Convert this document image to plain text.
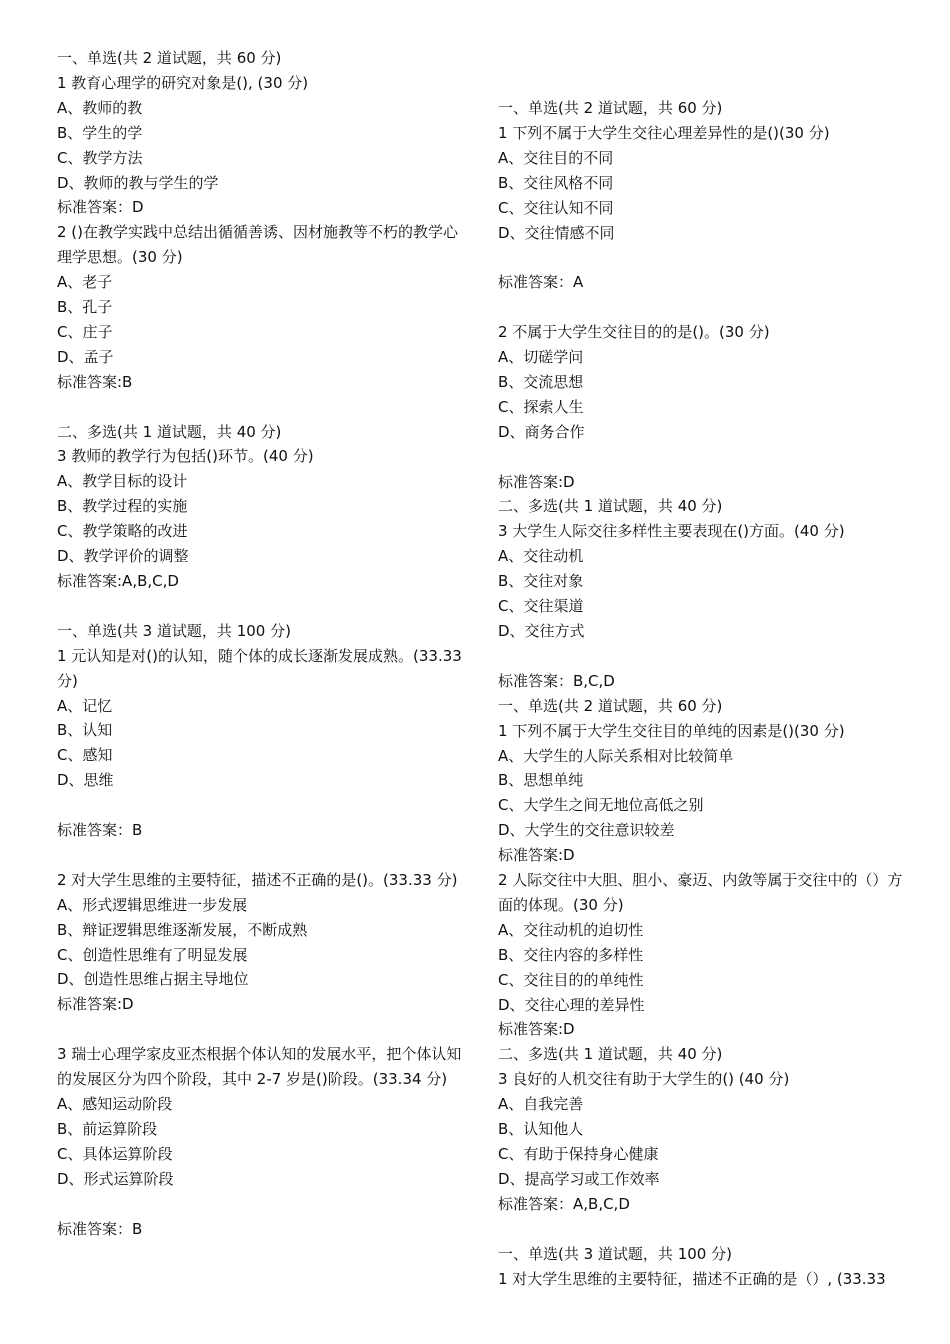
一、单选(共 2 道试题，共 60 分)
1 教育心理学的研究对象是(), (30 分)
A、教师的教
B、学生的学
C、教学方法
D、教师的教与学生的学
标准答案：D
2 ()在教学实践中总结出循循善诱、因材施教等不朽的教学心理学思想。(30 分)
A、老子
B、孔子
C、庄子
D、孟子
标准答案:B
二、多选(共 1 道试题，共 40 分)
3 教师的教学行为包括()环节。(40 分)
A、教学目标的设计
B、教学过程的实施
C、教学策略的改进
D、教学评价的调整
标准答案:A,B,C,D
一、单选(共 3 道试题，共 100 分)
1 元认知是对()的认知，随个体的成长逐渐发展成熟。(33.33 分)
A、记忆
B、认知
C、感知
D、思维
标准答案：B
2 对大学生思维的主要特征，描述不正确的是()。(33.33 分)
A、形式逻辑思维进一步发展
B、辩证逻辑思维逐渐发展，不断成熟
C、创造性思维有了明显发展
D、创造性思维占据主导地位
标准答案:D
3 瑞士心理学家皮亚杰根据个体认知的发展水平，把个体认知的发展区分为四个阶段，其中 2-7 岁是()阶段。(33.34 分)
A、感知运动阶段
B、前运算阶段
C、具体运算阶段
D、形式运算阶段
标准答案：B
一、单选(共 2 道试题，共 60 分)
1 下列不属于大学生交往心理差异性的是()(30 分)
A、交往目的不同
B、交往风格不同
C、交往认知不同
D、交往情感不同
标准答案：A
2 不属于大学生交往目的的是()。(30 分)
A、切磋学问
B、交流思想
C、探索人生
D、商务合作
标准答案:D
二、多选(共 1 道试题，共 40 分)
3 大学生人际交往多样性主要表现在()方面。(40 分)
A、交往动机
B、交往对象
C、交往渠道
D、交往方式
标准答案：B,C,D
一、单选(共 2 道试题，共 60 分)
1 下列不属于大学生交往目的单纯的因素是()(30 分)
A、大学生的人际关系相对比较简单
B、思想单纯
C、大学生之间无地位高低之别
D、大学生的交往意识较差
标准答案:D
2 人际交往中大胆、胆小、豪迈、内敛等属于交往中的（）方面的体现。(30 分)
A、交往动机的迫切性
B、交往内容的多样性
C、交往目的的单纯性
D、交往心理的差异性
标准答案:D
二、多选(共 1 道试题，共 40 分)
3 良好的人机交往有助于大学生的() (40 分)
A、自我完善
B、认知他人
C、有助于保持身心健康
D、提高学习或工作效率
标准答案：A,B,C,D
一、单选(共 3 道试题，共 100 分)
1 对大学生思维的主要特征，描述不正确的是（）, (33.33
